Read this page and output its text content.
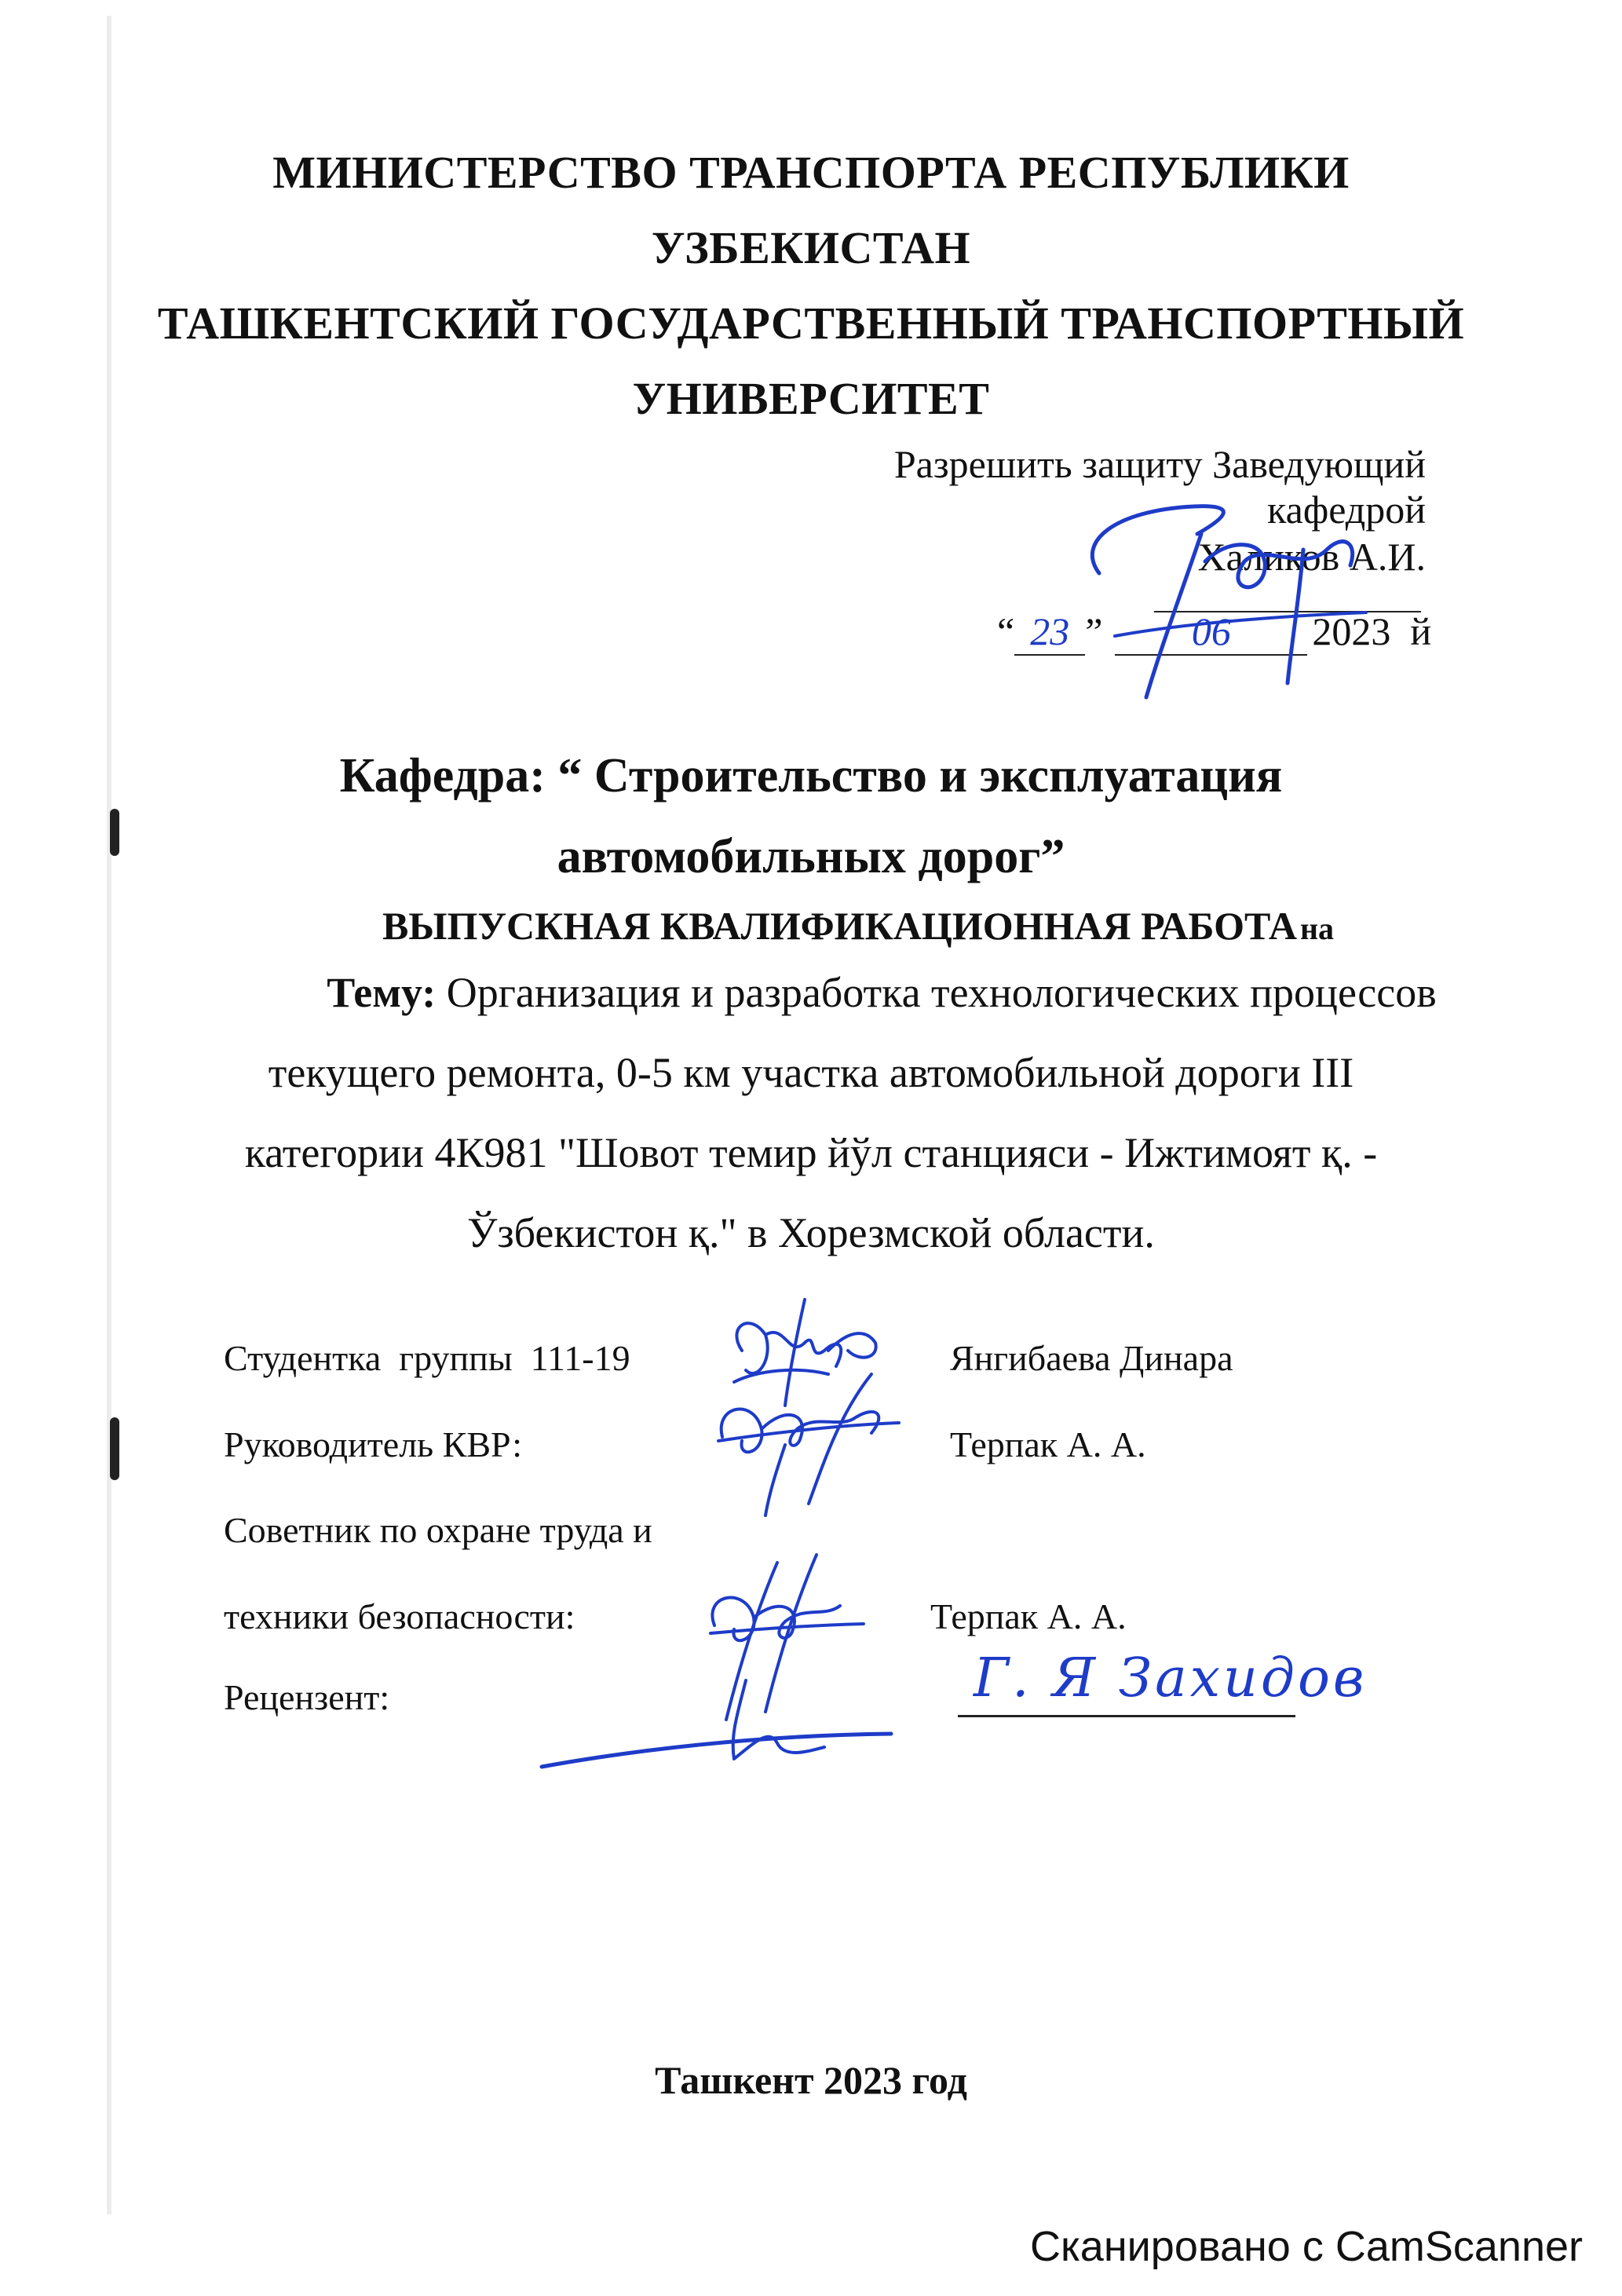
МИНИСТЕРСТВО ТРАНСПОРТА РЕСПУБЛИКИ
УЗБЕКИСТАН
ТАШКЕНТСКИЙ ГОСУДАРСТВЕННЫЙ ТРАНСПОРТНЫЙ
УНИВЕРСИТЕТ
Разрешить защиту Заведующий
кафедрой
Халиков А.И.
“ 23 ” 06 2023  й
Кафедра: “ Строительство и эксплуатация
автомобильных дорог”
ВЫПУСКНАЯ КВАЛИФИКАЦИОННАЯ РАБОТА на
Тему: Организация и разработка технологических процессов
текущего ремонта, 0-5 км участка автомобильной дороги III
категории 4К981 "Шовот темир йўл станцияси - Ижтимоят қ. -
Ўзбекистон қ." в Хорезмской области.
Студентка  группы  111-19	Янгибаева Динара
Руководитель КВР:	Терпак А. А.
Советник по охране труда и
техники безопасности:	Терпак А. А.
Рецензент:	Г. Я Захидов
Ташкент 2023 год
Сканировано с CamScanner
